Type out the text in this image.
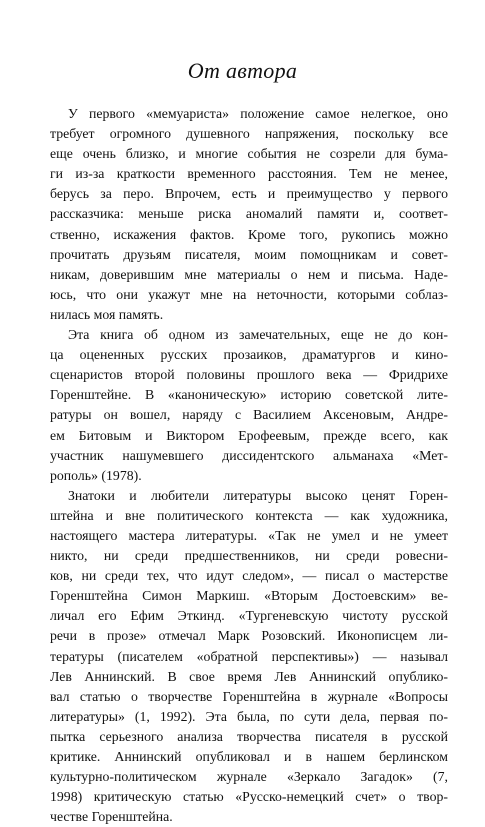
От автора
У первого «мемуариста» положение самое нелегкое, оно
требует огромного душевного напряжения, поскольку все
еще очень близко, и многие события не созрели для бума-
ги из-за краткости временного расстояния. Тем не менее,
берусь за перо. Впрочем, есть и преимущество у первого
рассказчика: меньше риска аномалий памяти и, соответ-
ственно, искажения фактов. Кроме того, рукопись можно
прочитать друзьям писателя, моим помощникам и совет-
никам, доверившим мне материалы о нем и письма. Наде-
юсь, что они укажут мне на неточности, которыми соблаз-
нилась моя память.
Эта книга об одном из замечательных, еще не до кон-
ца оцененных русских прозаиков, драматургов и кино-
сценаристов второй половины прошлого века — Фридрихе
Горенштейне. В «каноническую» историю советской лите-
ратуры он вошел, наряду с Василием Аксеновым, Андре-
ем Битовым и Виктором Ерофеевым, прежде всего, как
участник нашумевшего диссидентского альманаха «Мет-
рополь» (1978).
Знатоки и любители литературы высоко ценят Горен-
штейна и вне политического контекста — как художника,
настоящего мастера литературы. «Так не умел и не умеет
никто, ни среди предшественников, ни среди ровесни-
ков, ни среди тех, что идут следом», — писал о мастерстве
Горенштейна Симон Маркиш. «Вторым Достоевским» ве-
личал его Ефим Эткинд. «Тургеневскую чистоту русской
речи в прозе» отмечал Марк Розовский. Иконописцем ли-
тературы (писателем «обратной перспективы») — называл
Лев Аннинский. В свое время Лев Аннинский опублико-
вал статью о творчестве Горенштейна в журнале «Вопросы
литературы» (1, 1992). Эта была, по сути дела, первая по-
пытка серьезного анализа творчества писателя в русской
критике. Аннинский опубликовал и в нашем берлинском
культурно-политическом журнале «Зеркало Загадок» (7,
1998) критическую статью «Русско-немецкий счет» о твор-
честве Горенштейна.
